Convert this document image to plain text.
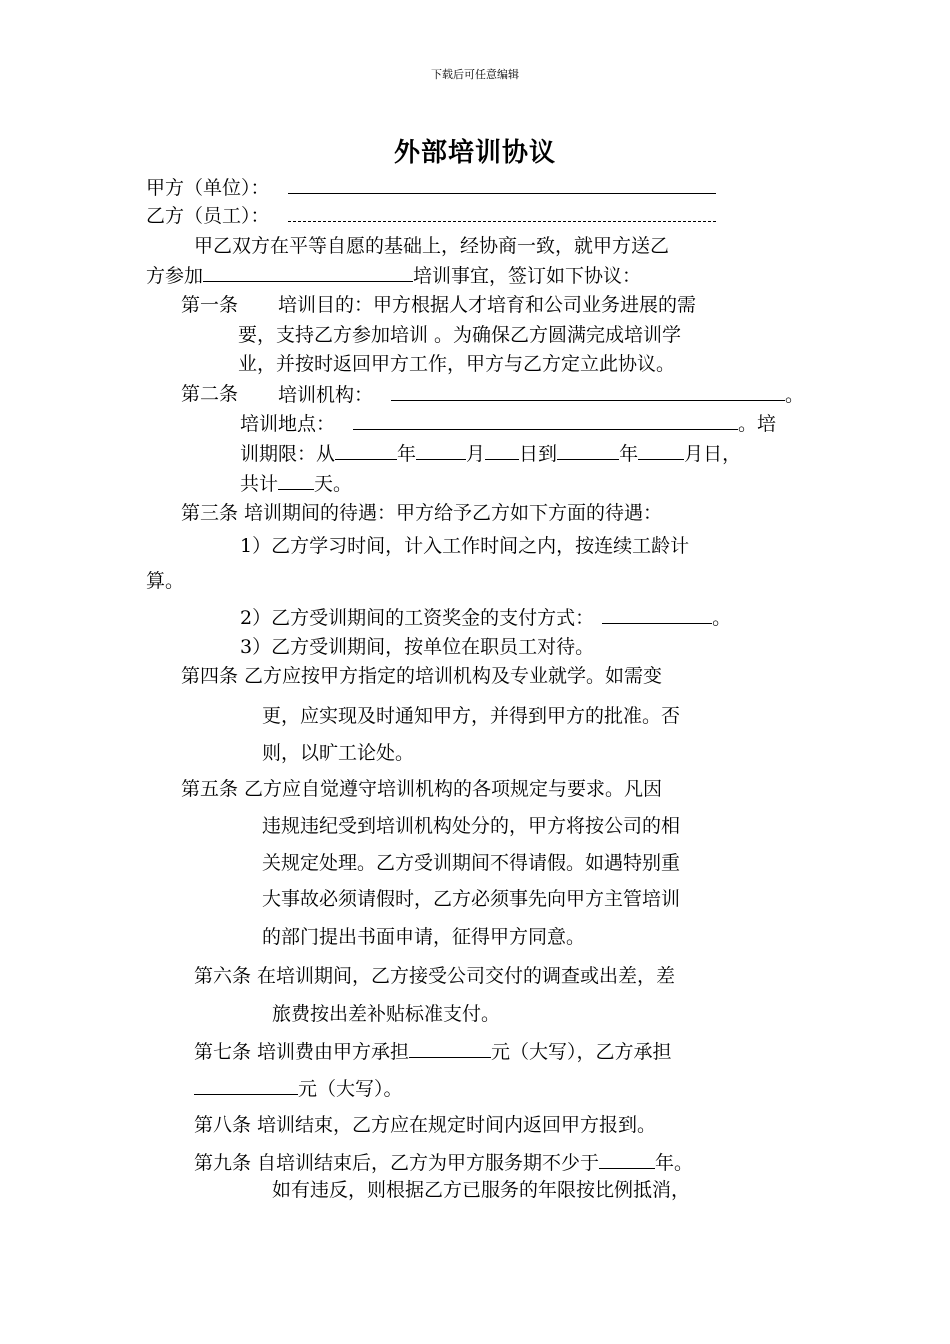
下载后可任意编辑
外部培训协议
甲方（单位）：
乙方（员工）：
甲乙双方在平等自愿的基础上，经协商一致，就甲方送乙
方参加	培训事宜，签订如下协议：
第一条 培训目的：甲方根据人才培育和公司业务进展的需
要，支持乙方参加培训 。为确保乙方圆满完成培训学
业，并按时返回甲方工作，甲方与乙方定立此协议。
第二条 培训机构：	。
培训地点：	。培
训期限：从	年	月 日到	年 月日，
共计 天。
第三条 培训期间的待遇：甲方给予乙方如下方面的待遇：
1）乙方学习时间，计入工作时间之内，按连续工龄计
算。
2）乙方受训期间的工资奖金的支付方式：	。
3）乙方受训期间，按单位在职员工对待。
第四条 乙方应按甲方指定的培训机构及专业就学。如需变
更，应实现及时通知甲方，并得到甲方的批准。否
则，以旷工论处。
第五条 乙方应自觉遵守培训机构的各项规定与要求。凡因
违规违纪受到培训机构处分的，甲方将按公司的相
关规定处理。乙方受训期间不得请假。如遇特别重
大事故必须请假时，乙方必须事先向甲方主管培训
的部门提出书面申请，征得甲方同意。
第六条 在培训期间，乙方接受公司交付的调查或出差，差
旅费按出差补贴标准支付。
第七条 培训费由甲方承担	元（大写），乙方承担
元（大写）。
第八条 培训结束，乙方应在规定时间内返回甲方报到。
第九条 自培训结束后，乙方为甲方服务期不少于	年。
如有违反，则根据乙方已服务的年限按比例抵消，
